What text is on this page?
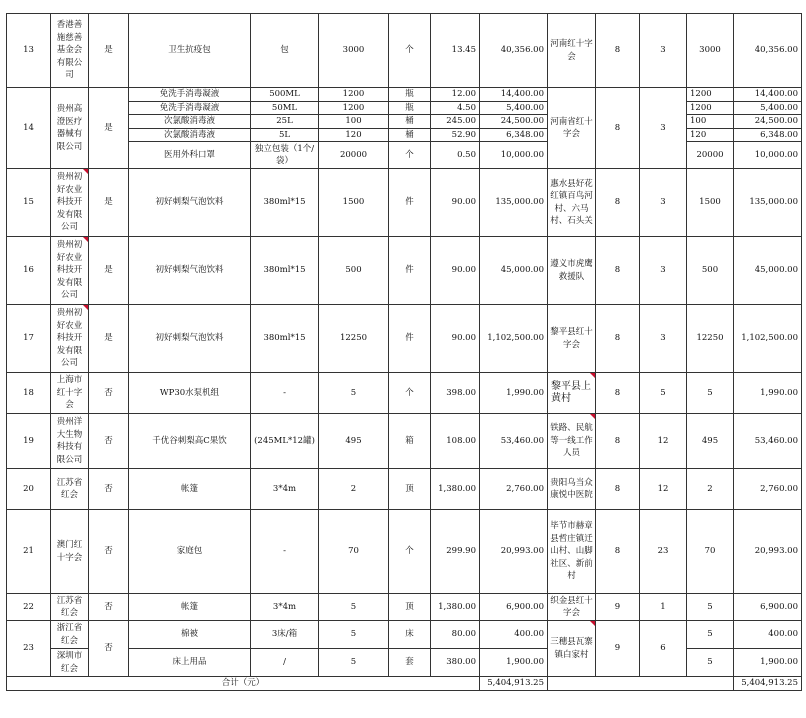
13	香港善施慈善基金会有限公司	是	卫生抗疫包	包	3000	个	13.45	40,356.00	河南红十字会	8	3	3000	40,356.00
14	贵州高澄医疗器械有限公司	是	免洗手消毒凝液	500ML	1200	瓶	12.00	14,400.00	河南省红十字会	8	3	1200	14,400.00
			免洗手消毒凝液	50ML	1200	瓶	4.50	5,400.00				1200	5,400.00
			次氯酸消毒液	25L	100	桶	245.00	24,500.00				100	24,500.00
			次氯酸消毒液	5L	120	桶	52.90	6,348.00				120	6,348.00
			医用外科口罩	独立包装（1个/袋）	20000	个	0.50	10,000.00				20000	10,000.00
15	贵州初好农业科技开发有限公司	是	初好刺梨气泡饮料	380ml*15	1500	件	90.00	135,000.00	惠水县好花红镇百鸟河村、六马村、石头关	8	3	1500	135,000.00
16	贵州初好农业科技开发有限公司	是	初好刺梨气泡饮料	380ml*15	500	件	90.00	45,000.00	遵义市虎鹰救援队	8	3	500	45,000.00
17	贵州初好农业科技开发有限公司	是	初好刺梨气泡饮料	380ml*15	12250	件	90.00	1,102,500.00	黎平县红十字会	8	3	12250	1,102,500.00
18	上海市红十字会	否	WP30水泵机组	-	5	个	398.00	1,990.00	黎平县上黄村	8	5	5	1,990.00
19	贵州洋大生物科技有限公司	否	千优谷刺梨高C果饮	(245ML*12罐)	495	箱	108.00	53,460.00	铁路、民航等一线工作人员	8	12	495	53,460.00
20	江苏省红会	否	帐篷	3*4m	2	顶	1,380.00	2,760.00	贵阳乌当众康悦中医院	8	12	2	2,760.00
21	澳门红十字会	否	家庭包	-	70	个	299.90	20,993.00	毕节市赫章县哲庄镇迁山村、山脚社区、新前村	8	23	70	20,993.00
22	江苏省红会	否	帐篷	3*4m	5	顶	1,380.00	6,900.00	织金县红十字会	9	1	5	6,900.00
23	浙江省红会	否	棉被	3床/箱	5	床	80.00	400.00	三穗县瓦寨镇白家村	9	6	5	400.00
	深圳市红会		床上用品	/	5	套	380.00	1,900.00				5	1,900.00
合计（元）								5,404,913.25					5,404,913.25
